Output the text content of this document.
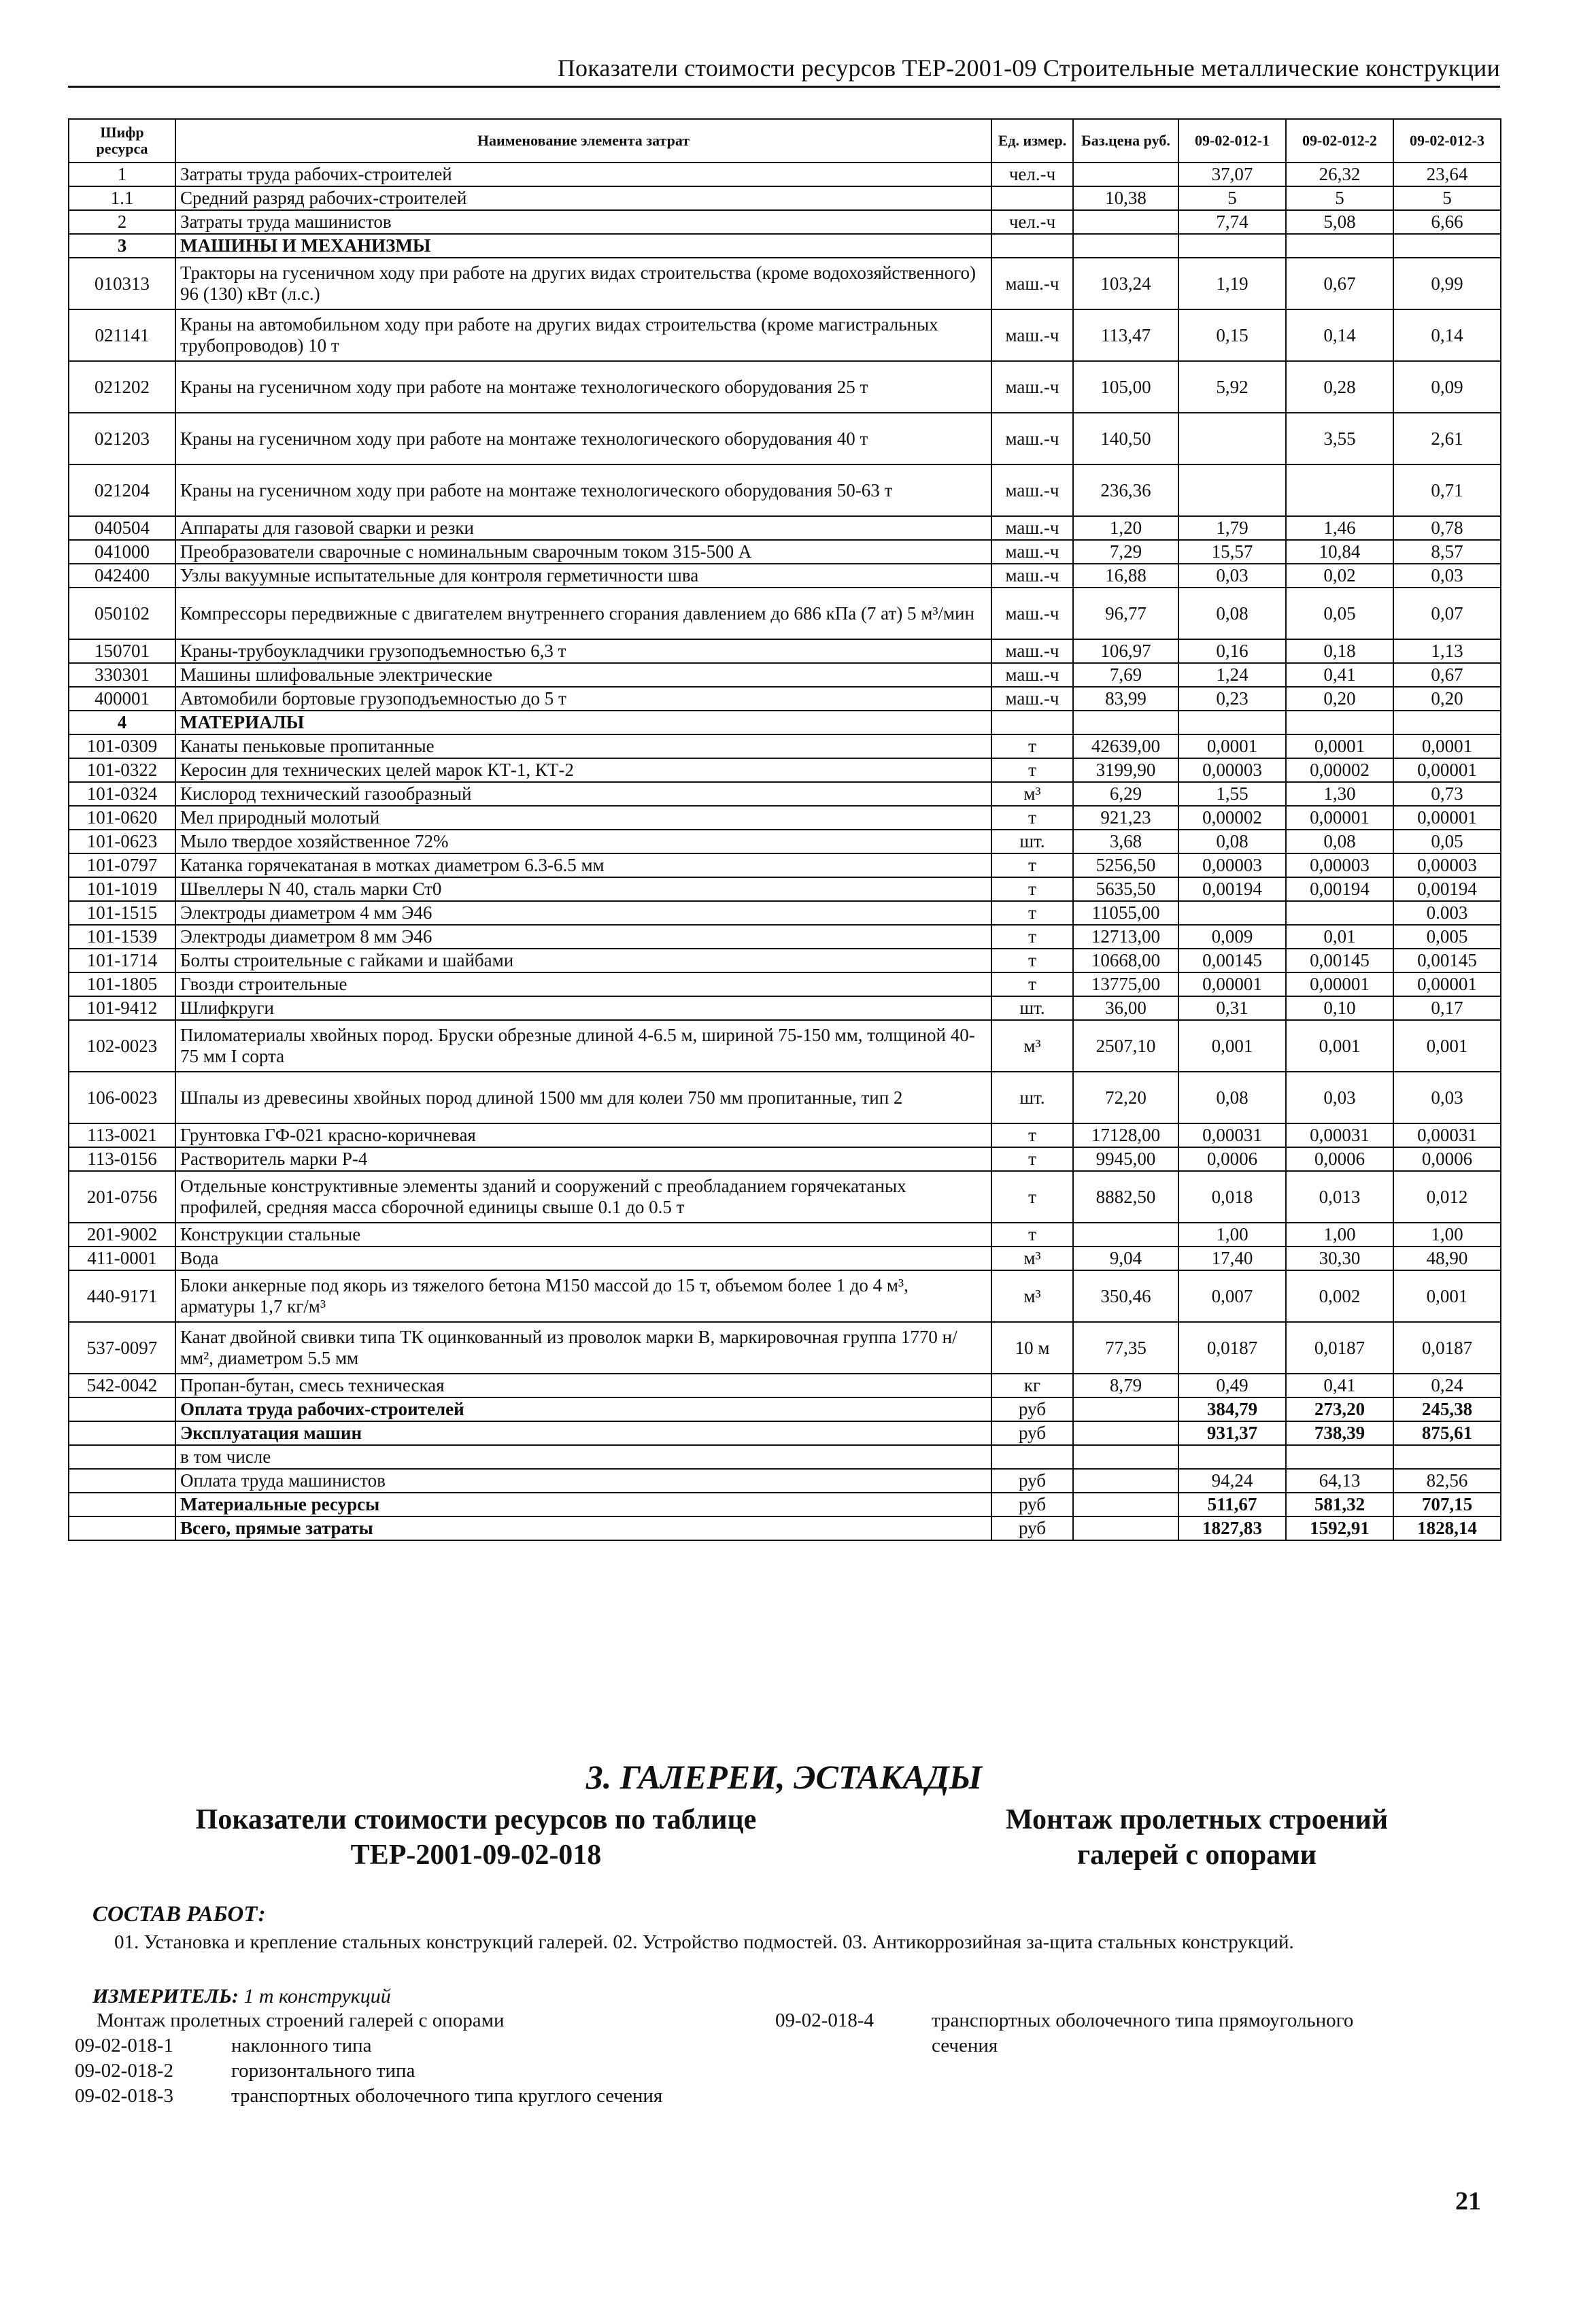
Показатели стоимости ресурсов ТЕР-2001-09 Строительные металлические конструкции
Шифр ресурса	Наименование элемента затрат	Ед. измер.	Баз.цена руб.	09-02-012-1	09-02-012-2	09-02-012-3
1	Затраты труда рабочих-строителей	чел.-ч		37,07	26,32	23,64
1.1	Средний разряд рабочих-строителей		10,38	5	5	5
2	Затраты труда машинистов	чел.-ч		7,74	5,08	6,66
3	МАШИНЫ И МЕХАНИЗМЫ					
010313	Тракторы на гусеничном ходу при работе на других видах строительства (кроме водохозяйственного) 96 (130) кВт (л.с.)	маш.-ч	103,24	1,19	0,67	0,99
021141	Краны на автомобильном ходу при работе на других видах строительства (кроме магистральных трубопроводов) 10 т	маш.-ч	113,47	0,15	0,14	0,14
021202	Краны на гусеничном ходу при работе на монтаже технологического оборудования 25 т	маш.-ч	105,00	5,92	0,28	0,09
021203	Краны на гусеничном ходу при работе на монтаже технологического оборудования 40 т	маш.-ч	140,50		3,55	2,61
021204	Краны на гусеничном ходу при работе на монтаже технологического оборудования 50-63 т	маш.-ч	236,36			0,71
040504	Аппараты для газовой сварки и резки	маш.-ч	1,20	1,79	1,46	0,78
041000	Преобразователи сварочные с номинальным сварочным током 315-500 А	маш.-ч	7,29	15,57	10,84	8,57
042400	Узлы вакуумные испытательные для контроля герметичности шва	маш.-ч	16,88	0,03	0,02	0,03
050102	Компрессоры передвижные с двигателем внутреннего сгорания давлением до 686 кПа (7 ат) 5 м³/мин	маш.-ч	96,77	0,08	0,05	0,07
150701	Краны-трубоукладчики грузоподъемностью 6,3 т	маш.-ч	106,97	0,16	0,18	1,13
330301	Машины шлифовальные электрические	маш.-ч	7,69	1,24	0,41	0,67
400001	Автомобили бортовые грузоподъемностью до 5 т	маш.-ч	83,99	0,23	0,20	0,20
4	МАТЕРИАЛЫ					
101-0309	Канаты пеньковые пропитанные	т	42639,00	0,0001	0,0001	0,0001
101-0322	Керосин для технических целей марок КТ-1, КТ-2	т	3199,90	0,00003	0,00002	0,00001
101-0324	Кислород технический газообразный	м³	6,29	1,55	1,30	0,73
101-0620	Мел природный молотый	т	921,23	0,00002	0,00001	0,00001
101-0623	Мыло твердое хозяйственное 72%	шт.	3,68	0,08	0,08	0,05
101-0797	Катанка горячекатаная в мотках диаметром 6.3-6.5 мм	т	5256,50	0,00003	0,00003	0,00003
101-1019	Швеллеры N 40, сталь марки Ст0	т	5635,50	0,00194	0,00194	0,00194
101-1515	Электроды диаметром 4 мм Э46	т	11055,00			0.003
101-1539	Электроды диаметром 8 мм Э46	т	12713,00	0,009	0,01	0,005
101-1714	Болты строительные с гайками и шайбами	т	10668,00	0,00145	0,00145	0,00145
101-1805	Гвозди строительные	т	13775,00	0,00001	0,00001	0,00001
101-9412	Шлифкруги	шт.	36,00	0,31	0,10	0,17
102-0023	Пиломатериалы хвойных пород. Бруски обрезные длиной 4-6.5 м, шириной 75-150 мм, толщиной 40-75 мм I сорта	м³	2507,10	0,001	0,001	0,001
106-0023	Шпалы из древесины хвойных пород длиной 1500 мм для колеи 750 мм пропитанные, тип 2	шт.	72,20	0,08	0,03	0,03
113-0021	Грунтовка ГФ-021 красно-коричневая	т	17128,00	0,00031	0,00031	0,00031
113-0156	Растворитель марки Р-4	т	9945,00	0,0006	0,0006	0,0006
201-0756	Отдельные конструктивные элементы зданий и сооружений с преобладанием горячекатаных профилей, средняя масса сборочной единицы свыше 0.1 до 0.5 т	т	8882,50	0,018	0,013	0,012
201-9002	Конструкции стальные	т		1,00	1,00	1,00
411-0001	Вода	м³	9,04	17,40	30,30	48,90
440-9171	Блоки анкерные под якорь из тяжелого бетона М150 массой до 15 т, объемом более 1 до 4 м³, арматуры 1,7 кг/м³	м³	350,46	0,007	0,002	0,001
537-0097	Канат двойной свивки типа ТК оцинкованный из проволок марки В, маркировочная группа 1770 н/мм², диаметром 5.5 мм	10 м	77,35	0,0187	0,0187	0,0187
542-0042	Пропан-бутан, смесь техническая	кг	8,79	0,49	0,41	0,24
	Оплата труда рабочих-строителей	руб		384,79	273,20	245,38
	Эксплуатация машин	руб		931,37	738,39	875,61
	в том числе					
	Оплата труда машинистов	руб		94,24	64,13	82,56
	Материальные ресурсы	руб		511,67	581,32	707,15
	Всего, прямые затраты	руб		1827,83	1592,91	1828,14
3. ГАЛЕРЕИ, ЭСТАКАДЫ
Показатели стоимости ресурсов по таблице
ТЕР-2001-09-02-018
Монтаж пролетных строений
галерей с опорами
СОСТАВ РАБОТ:
01. Установка и крепление стальных конструкций галерей. 02. Устройство подмостей. 03. Антикоррозийная за-щита стальных конструкций.
ИЗМЕРИТЕЛЬ: 1 т конструкций
Монтаж пролетных строений галерей с опорами
09-02-018-1	наклонного типа
09-02-018-2	горизонтального типа
09-02-018-3	транспортных оболочечного типа круглого сечения
09-02-018-4	транспортных оболочечного типа прямоугольного сечения
21
